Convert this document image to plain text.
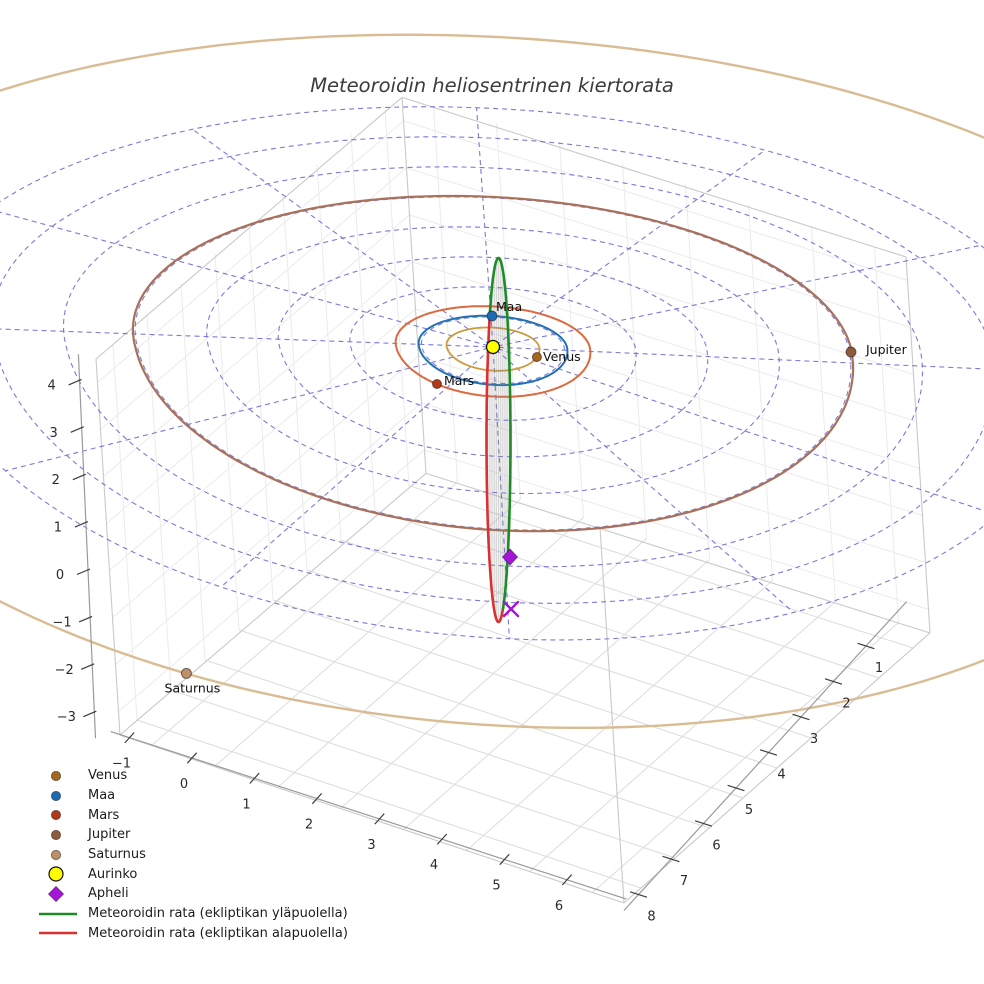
Venus
Maa
Mars
Jupiter
Saturnus
−1
0
1
2
3
4
5
6
1
2
3
4
5
6
7
8
4
3
2
1
0
−1
−2
−3
Meteoroidin heliosentrinen kiertorata
Venus
Maa
Mars
Jupiter
Saturnus
Aurinko
Apheli
Meteoroidin rata (ekliptikan yläpuolella)
Meteoroidin rata (ekliptikan alapuolella)
